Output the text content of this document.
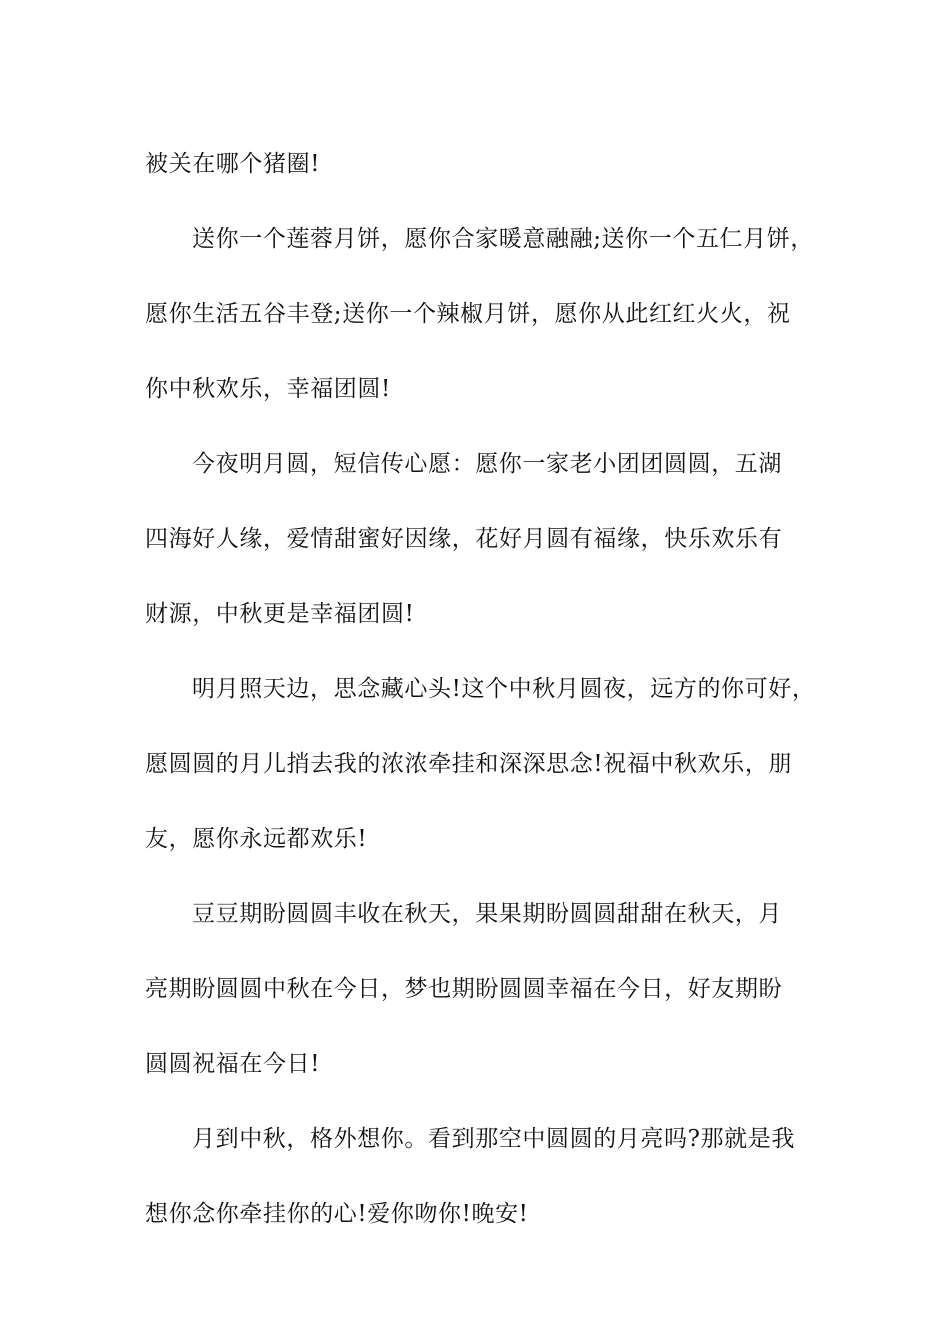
被关在哪个猪圈!

送你一个莲蓉月饼，愿你合家暖意融融;送你一个五仁月饼，
愿你生活五谷丰登;送你一个辣椒月饼，愿你从此红红火火，祝
你中秋欢乐，幸福团圆!

今夜明月圆，短信传心愿：愿你一家老小团团圆圆，五湖
四海好人缘，爱情甜蜜好因缘，花好月圆有福缘，快乐欢乐有
财源，中秋更是幸福团圆!

明月照天边，思念藏心头!这个中秋月圆夜，远方的你可好，
愿圆圆的月儿捎去我的浓浓牵挂和深深思念!祝福中秋欢乐，朋
友，愿你永远都欢乐!

豆豆期盼圆圆丰收在秋天，果果期盼圆圆甜甜在秋天，月
亮期盼圆圆中秋在今日，梦也期盼圆圆幸福在今日，好友期盼
圆圆祝福在今日!

月到中秋，格外想你。看到那空中圆圆的月亮吗?那就是我
想你念你牵挂你的心!爱你吻你!晚安!
